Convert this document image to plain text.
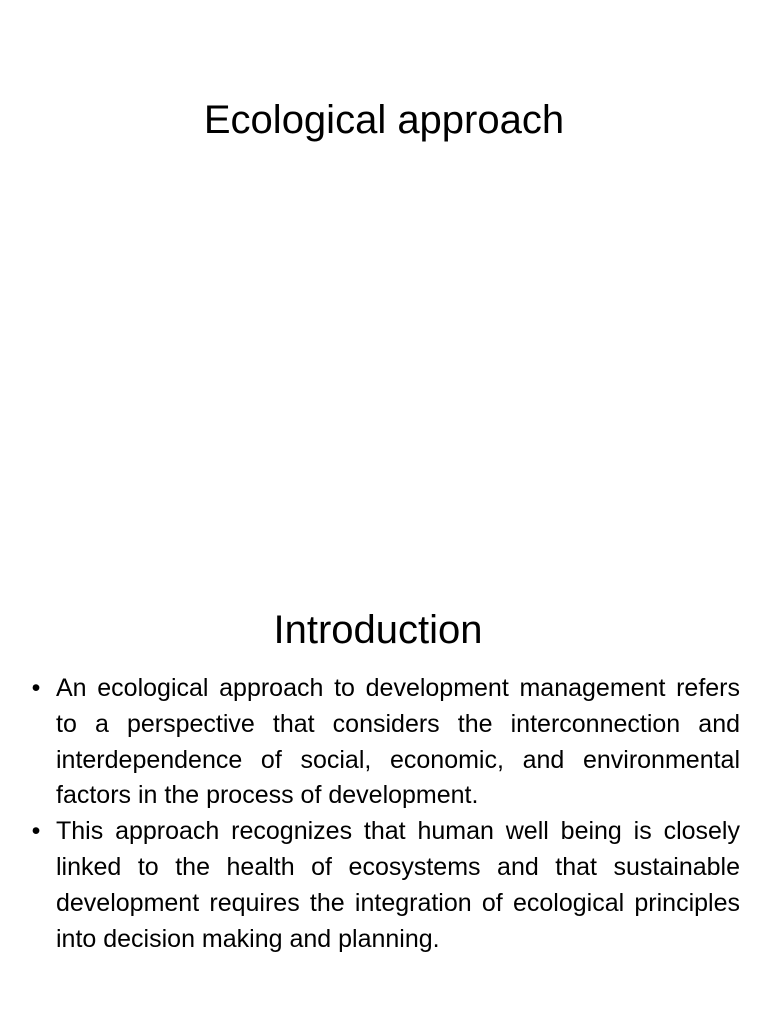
Ecological approach
Introduction
• An ecological approach to development management refers to a perspective that considers the interconnection and interdependence of social, economic, and environmental factors in the process of development.
• This approach recognizes that human well being is closely linked to the health of ecosystems and that sustainable development requires the integration of ecological principles into decision making and planning.
